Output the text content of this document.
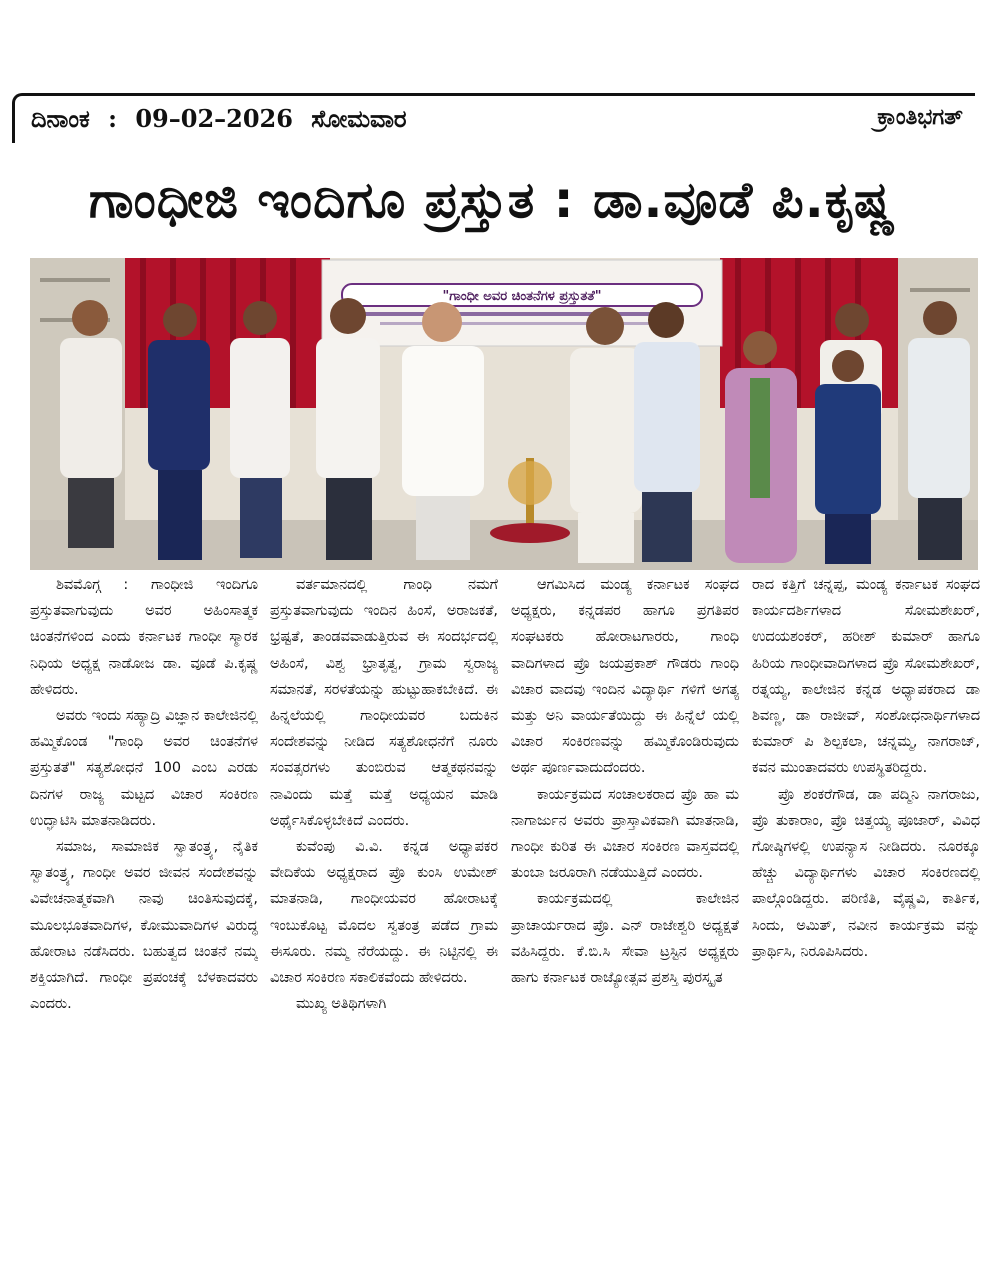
ದಿನಾಂಕ : 09–02–2026 ಸೋಮವಾರ	ಕ್ರಾಂತಿಭಗತ್
ಗಾಂಧೀಜಿ ಇಂದಿಗೂ ಪ್ರಸ್ತುತ : ಡಾ.ವೂಡೆ ಪಿ.ಕೃಷ್ಣ
"ಗಾಂಧೀ ಅವರ ಚಿಂತನೆಗಳ ಪ್ರಸ್ತುತತೆ"

ಶಿವಮೊಗ್ಗ : ಗಾಂಧೀಜಿ ಇಂದಿಗೂ ಪ್ರಸ್ತುತವಾಗುವುದು ಅವರ ಅಹಿಂಸಾತ್ಮಕ ಚಿಂತನೆಗಳಿಂದ ಎಂದು ಕರ್ನಾಟಕ ಗಾಂಧೀ ಸ್ಮಾರಕ ನಿಧಿಯ ಅಧ್ಯಕ್ಷ ನಾಡೋಜ ಡಾ. ವೂಡೆ ಪಿ.ಕೃಷ್ಣ ಹೇಳಿದರು.

ಅವರು ಇಂದು ಸಹ್ಯಾದ್ರಿ ವಿಜ್ಞಾನ ಕಾಲೇಜಿನಲ್ಲಿ ಹಮ್ಮಿಕೊಂಡ "ಗಾಂಧಿ ಅವರ ಚಿಂತನೆಗಳ ಪ್ರಸ್ತುತತೆ" ಸತ್ಯಶೋಧನೆ 100 ಎಂಬ ಎರಡು ದಿನಗಳ ರಾಜ್ಯ ಮಟ್ಟದ ವಿಚಾರ ಸಂಕಿರಣ ಉದ್ಘಾಟಿಸಿ ಮಾತನಾಡಿದರು.

ಸಮಾಜ, ಸಾಮಾಜಿಕ ಸ್ವಾತಂತ್ರ್ಯ, ನೈತಿಕ ಸ್ವಾತಂತ್ರ್ಯ, ಗಾಂಧೀ ಅವರ ಜೀವನ ಸಂದೇಶವನ್ನು ವಿವೇಚನಾತ್ಮಕವಾಗಿ ನಾವು ಚಿಂತಿಸುವುದಕ್ಕೆ, ಮೂಲಭೂತವಾದಿಗಳ, ಕೋಮುವಾದಿಗಳ ವಿರುದ್ಧ ಹೋರಾಟ ನಡೆಸಿದರು. ಬಹುತ್ವದ ಚಿಂತನೆ ನಮ್ಮ ಶಕ್ತಿಯಾಗಿದೆ. ಗಾಂಧೀ ಪ್ರಪಂಚಕ್ಕೆ ಬೆಳಕಾದವರು ಎಂದರು.

ವರ್ತಮಾನದಲ್ಲಿ ಗಾಂಧಿ ನಮಗೆ ಪ್ರಸ್ತುತವಾಗುವುದು ಇಂದಿನ ಹಿಂಸೆ, ಅರಾಜಕತೆ, ಭ್ರಷ್ಟತೆ, ತಾಂಡವವಾಡುತ್ತಿರುವ ಈ ಸಂದರ್ಭದಲ್ಲಿ ಅಹಿಂಸೆ, ವಿಶ್ವ ಭ್ರಾತೃತ್ವ, ಗ್ರಾಮ ಸ್ವರಾಜ್ಯ ಸಮಾನತೆ, ಸರಳತೆಯನ್ನು ಹುಟ್ಟುಹಾಕಬೇಕಿದೆ. ಈ ಹಿನ್ನಲೆಯಲ್ಲಿ ಗಾಂಧೀಯವರ ಬದುಕಿನ ಸಂದೇಶವನ್ನು ನೀಡಿದ ಸತ್ಯಶೋಧನೆಗೆ ನೂರು ಸಂವತ್ಸರಗಳು ತುಂಬಿರುವ ಆತ್ಮಕಥನವನ್ನು ನಾವಿಂದು ಮತ್ತೆ ಮತ್ತೆ ಅಧ್ಯಯನ ಮಾಡಿ ಅರ್ಥೈಸಿಕೊಳ್ಳಬೇಕಿದೆ ಎಂದರು.

ಕುವೆಂಪು ವಿ.ವಿ. ಕನ್ನಡ ಅಧ್ಯಾಪಕರ ವೇದಿಕೆಯ ಅಧ್ಯಕ್ಷರಾದ ಪ್ರೊ ಕುಂಸಿ ಉಮೇಶ್ ಮಾತನಾಡಿ, ಗಾಂಧೀಯವರ ಹೋರಾಟಕ್ಕೆ ಇಂಬುಕೊಟ್ಟ ಮೊದಲ ಸ್ವತಂತ್ರ ಪಡೆದ ಗ್ರಾಮ ಈಸೂರು. ನಮ್ಮ ನೆರೆಯದ್ದು. ಈ ನಿಟ್ಟಿನಲ್ಲಿ ಈ ವಿಚಾರ ಸಂಕಿರಣ ಸಕಾಲಿಕವೆಂದು ಹೇಳಿದರು.

ಮುಖ್ಯ ಅತಿಥಿಗಳಾಗಿ

ಆಗಮಿಸಿದ ಮಂಡ್ಯ ಕರ್ನಾಟಕ ಸಂಘದ ಅಧ್ಯಕ್ಷರು, ಕನ್ನಡಪರ ಹಾಗೂ ಪ್ರಗತಿಪರ ಸಂಘಟಕರು ಹೋರಾಟಗಾರರು, ಗಾಂಧಿ ವಾದಿಗಳಾದ ಪ್ರೊ ಜಯಪ್ರಕಾಶ್ ಗೌಡರು ಗಾಂಧಿ ವಿಚಾರ ವಾದವು ಇಂದಿನ ವಿದ್ಯಾರ್ಥಿ ಗಳಿಗೆ ಅಗತ್ಯ ಮತ್ತು ಅನಿ ವಾರ್ಯತೆಯಿದ್ದು ಈ ಹಿನ್ನೆಲೆ ಯಲ್ಲಿ ವಿಚಾರ ಸಂಕಿರಣವನ್ನು ಹಮ್ಮಿಕೊಂಡಿರುವುದು ಅರ್ಥ ಪೂರ್ಣವಾದುದೆಂದರು.

ಕಾರ್ಯಕ್ರಮದ ಸಂಚಾಲಕರಾದ ಪ್ರೊ ಹಾ ಮ ನಾಗಾರ್ಜುನ ಅವರು ಪ್ರಾಸ್ತಾವಿಕವಾಗಿ ಮಾತನಾಡಿ, ಗಾಂಧೀ ಕುರಿತ ಈ ವಿಚಾರ ಸಂಕಿರಣ ವಾಸ್ತವದಲ್ಲಿ ತುಂಬಾ ಜರೂರಾಗಿ ನಡೆಯುತ್ತಿದೆ ಎಂದರು.

ಕಾರ್ಯಕ್ರಮದಲ್ಲಿ ಕಾಲೇಜಿನ ಪ್ರಾಚಾರ್ಯರಾದ ಪ್ರೊ. ಎನ್ ರಾಜೇಶ್ವರಿ ಅಧ್ಯಕ್ಷತೆ ವಹಿಸಿದ್ದರು. ಕೆ.ಬಿ.ಸಿ ಸೇವಾ ಟ್ರಸ್ಟಿನ ಅಧ್ಯಕ್ಷರು ಹಾಗು ಕರ್ನಾಟಕ ರಾಜ್ಯೋತ್ಸವ ಪ್ರಶಸ್ತಿ ಪುರಸ್ಕೃತ

ರಾದ ಕತ್ತಿಗೆ ಚನ್ನಪ್ಪ, ಮಂಡ್ಯ ಕರ್ನಾಟಕ ಸಂಘದ ಕಾರ್ಯದರ್ಶಿಗಳಾದ ಸೋಮಶೇಖರ್, ಉದಯಶಂಕರ್, ಹರೀಶ್ ಕುಮಾರ್ ಹಾಗೂ ಹಿರಿಯ ಗಾಂಧೀವಾದಿಗಳಾದ ಪ್ರೊ ಸೋಮಶೇಖರ್, ರತ್ನಯ್ಯ, ಕಾಲೇಜಿನ ಕನ್ನಡ ಅಧ್ಯಾಪಕರಾದ ಡಾ ಶಿವಣ್ಣ, ಡಾ ರಾಜೀವ್, ಸಂಶೋಧನಾರ್ಥಿಗಳಾದ ಕುಮಾರ್ ಪಿ ಶಿಲ್ಪಕಲಾ, ಚನ್ನಮ್ಮ, ನಾಗರಾಜ್, ಕವನ ಮುಂತಾದವರು ಉಪಸ್ಥಿತರಿದ್ದರು.

ಪ್ರೊ ಶಂಕರೆಗೌಡ, ಡಾ ಪದ್ಮಿನಿ ನಾಗರಾಜು, ಪ್ರೊ ತುಕಾರಾಂ, ಪ್ರೊ ಚಿತ್ತಯ್ಯ ಪೂಜಾರ್, ವಿವಿಧ ಗೋಷ್ಠಿಗಳಲ್ಲಿ ಉಪನ್ಯಾಸ ನೀಡಿದರು. ನೂರಕ್ಕೂ ಹೆಚ್ಚು ವಿದ್ಯಾರ್ಥಿಗಳು ವಿಚಾರ ಸಂಕಿರಣದಲ್ಲಿ ಪಾಲ್ಗೊಂಡಿದ್ದರು. ಪರಿಣಿತಿ, ವೈಷ್ಣವಿ, ಕಾರ್ತಿಕ, ಸಿಂದು, ಅಮಿತ್, ನವೀನ ಕಾರ್ಯಕ್ರಮ ವನ್ನು ಪ್ರಾರ್ಥಿಸಿ, ನಿರೂಪಿಸಿದರು.
